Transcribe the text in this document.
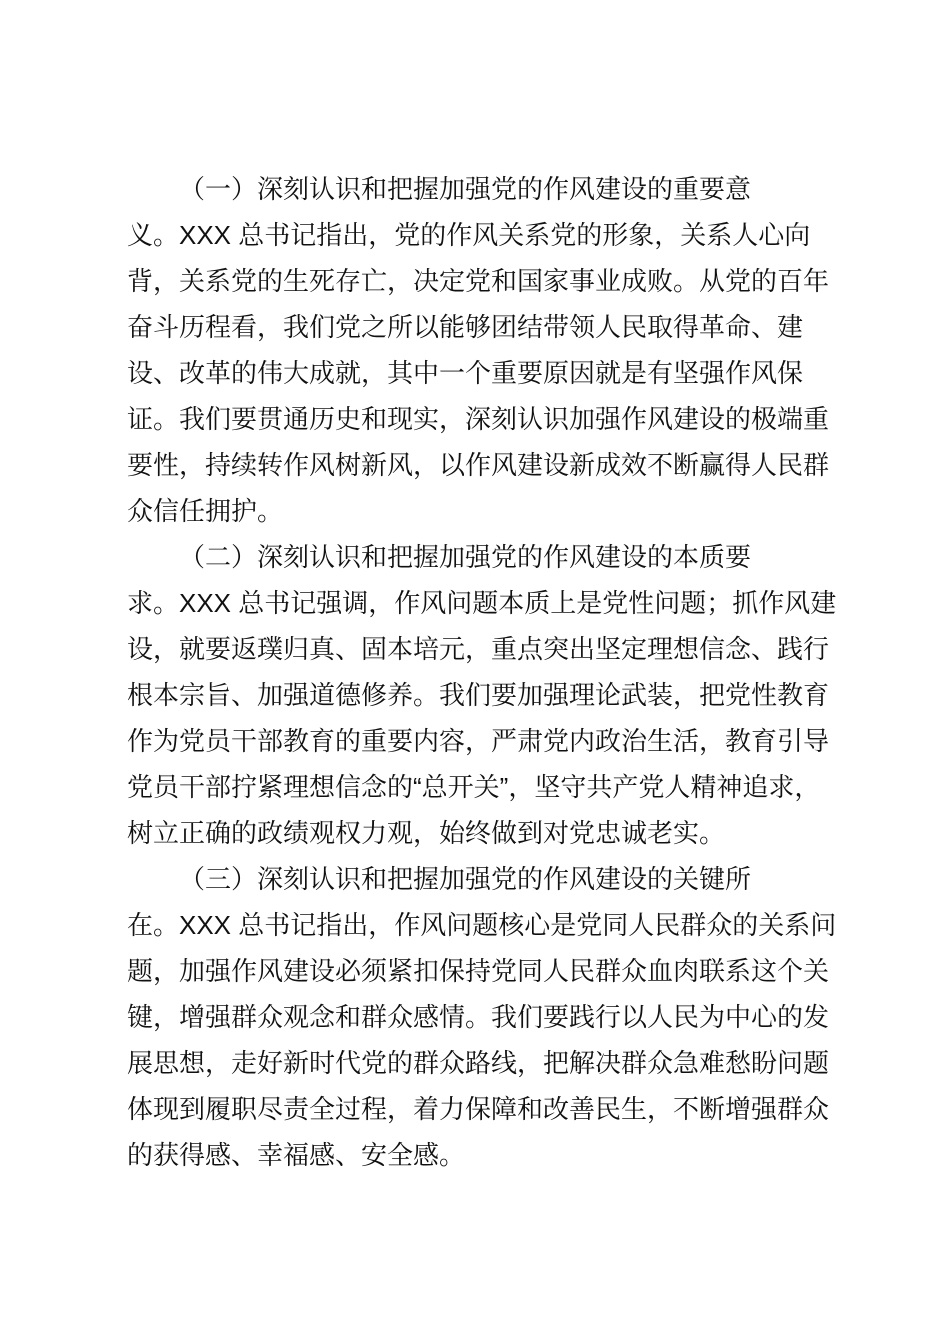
（一）深刻认识和把握加强党的作风建设的重要意
义。XXX 总书记指出，党的作风关系党的形象，关系人心向
背，关系党的生死存亡，决定党和国家事业成败。从党的百年
奋斗历程看，我们党之所以能够团结带领人民取得革命、建
设、改革的伟大成就，其中一个重要原因就是有坚强作风保
证。我们要贯通历史和现实，深刻认识加强作风建设的极端重
要性，持续转作风树新风，以作风建设新成效不断赢得人民群
众信任拥护。
（二）深刻认识和把握加强党的作风建设的本质要
求。XXX 总书记强调，作风问题本质上是党性问题；抓作风建
设，就要返璞归真、固本培元，重点突出坚定理想信念、践行
根本宗旨、加强道德修养。我们要加强理论武装，把党性教育
作为党员干部教育的重要内容，严肃党内政治生活，教育引导
党员干部拧紧理想信念的“总开关”，坚守共产党人精神追求，
树立正确的政绩观权力观，始终做到对党忠诚老实。
（三）深刻认识和把握加强党的作风建设的关键所
在。XXX 总书记指出，作风问题核心是党同人民群众的关系问
题，加强作风建设必须紧扣保持党同人民群众血肉联系这个关
键，增强群众观念和群众感情。我们要践行以人民为中心的发
展思想，走好新时代党的群众路线，把解决群众急难愁盼问题
体现到履职尽责全过程，着力保障和改善民生，不断增强群众
的获得感、幸福感、安全感。
